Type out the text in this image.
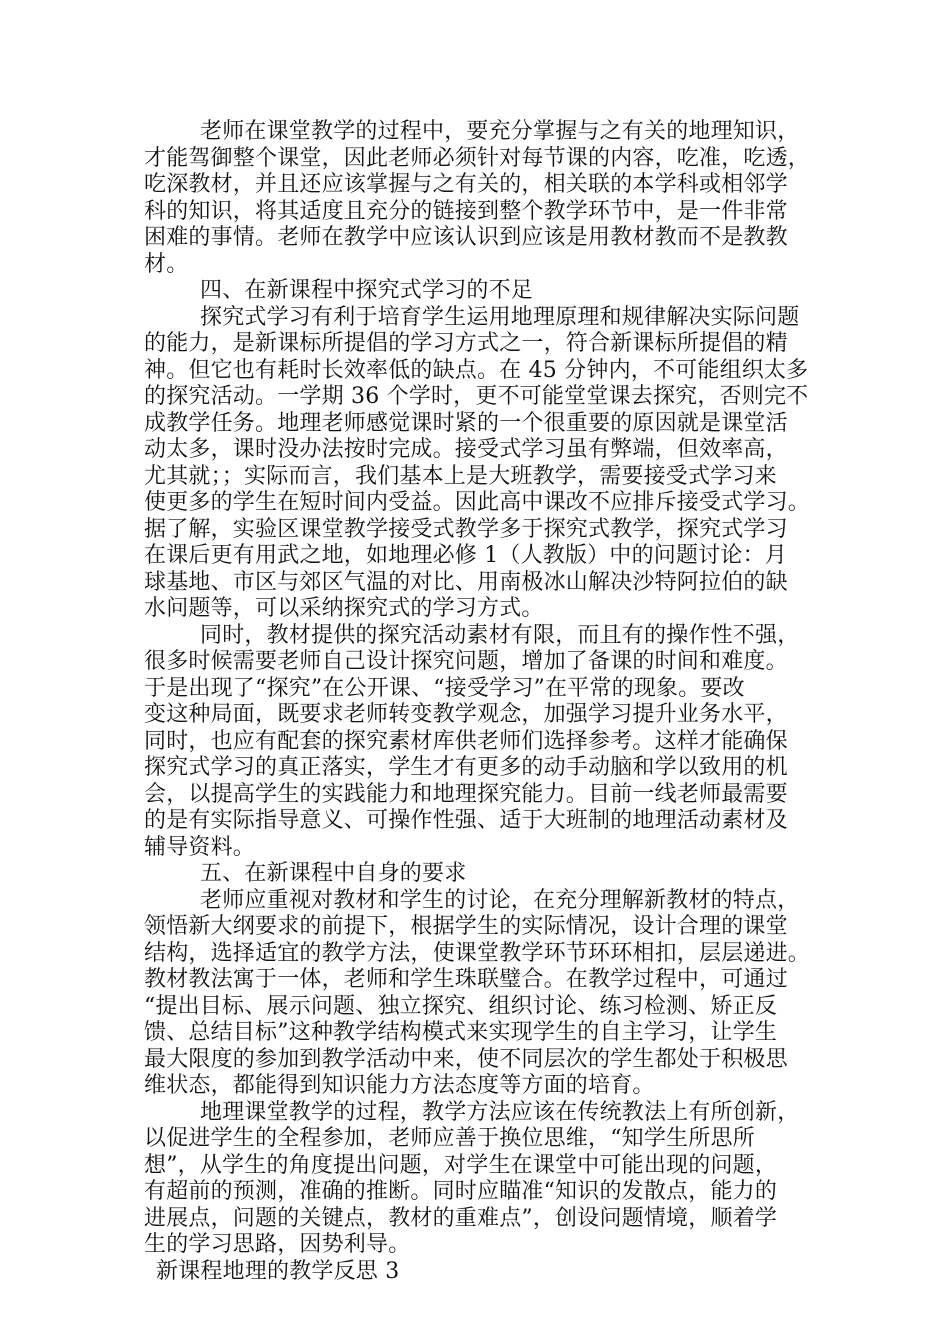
老师在课堂教学的过程中，要充分掌握与之有关的地理知识，
才能驾御整个课堂，因此老师必须针对每节课的内容，吃准，吃透，
吃深教材，并且还应该掌握与之有关的，相关联的本学科或相邻学
科的知识，将其适度且充分的链接到整个教学环节中，是一件非常
困难的事情。老师在教学中应该认识到应该是用教材教而不是教教
材。
四、在新课程中探究式学习的不足
探究式学习有利于培育学生运用地理原理和规律解决实际问题
的能力，是新课标所提倡的学习方式之一，符合新课标所提倡的精
神。但它也有耗时长效率低的缺点。在 45 分钟内，不可能组织太多
的探究活动。一学期 36 个学时，更不可能堂堂课去探究，否则完不
成教学任务。地理老师感觉课时紧的一个很重要的原因就是课堂活
动太多，课时没办法按时完成。接受式学习虽有弊端，但效率高，
尤其就；；实际而言，我们基本上是大班教学，需要接受式学习来
使更多的学生在短时间内受益。因此高中课改不应排斥接受式学习。
据了解，实验区课堂教学接受式教学多于探究式教学，探究式学习
在课后更有用武之地，如地理必修 1（人教版）中的问题讨论：月
球基地、市区与郊区气温的对比、用南极冰山解决沙特阿拉伯的缺
水问题等，可以采纳探究式的学习方式。
同时，教材提供的探究活动素材有限，而且有的操作性不强，
很多时候需要老师自己设计探究问题，增加了备课的时间和难度。
于是出现了“探究”在公开课、“接受学习”在平常的现象。要改
变这种局面，既要求老师转变教学观念，加强学习提升业务水平，
同时，也应有配套的探究素材库供老师们选择参考。这样才能确保
探究式学习的真正落实，学生才有更多的动手动脑和学以致用的机
会，以提高学生的实践能力和地理探究能力。目前一线老师最需要
的是有实际指导意义、可操作性强、适于大班制的地理活动素材及
辅导资料。
五、在新课程中自身的要求
老师应重视对教材和学生的讨论，在充分理解新教材的特点，
领悟新大纲要求的前提下，根据学生的实际情况，设计合理的课堂
结构，选择适宜的教学方法，使课堂教学环节环环相扣，层层递进。
教材教法寓于一体，老师和学生珠联璧合。在教学过程中，可通过
“提出目标、展示问题、独立探究、组织讨论、练习检测、矫正反
馈、总结目标”这种教学结构模式来实现学生的自主学习，让学生
最大限度的参加到教学活动中来，使不同层次的学生都处于积极思
维状态，都能得到知识能力方法态度等方面的培育。
地理课堂教学的过程，教学方法应该在传统教法上有所创新，
以促进学生的全程参加，老师应善于换位思维，“知学生所思所
想”，从学生的角度提出问题，对学生在课堂中可能出现的问题，
有超前的预测，准确的推断。同时应瞄准“知识的发散点，能力的
进展点，问题的关键点，教材的重难点”，创设问题情境，顺着学
生的学习思路，因势利导。
新课程地理的教学反思 3
